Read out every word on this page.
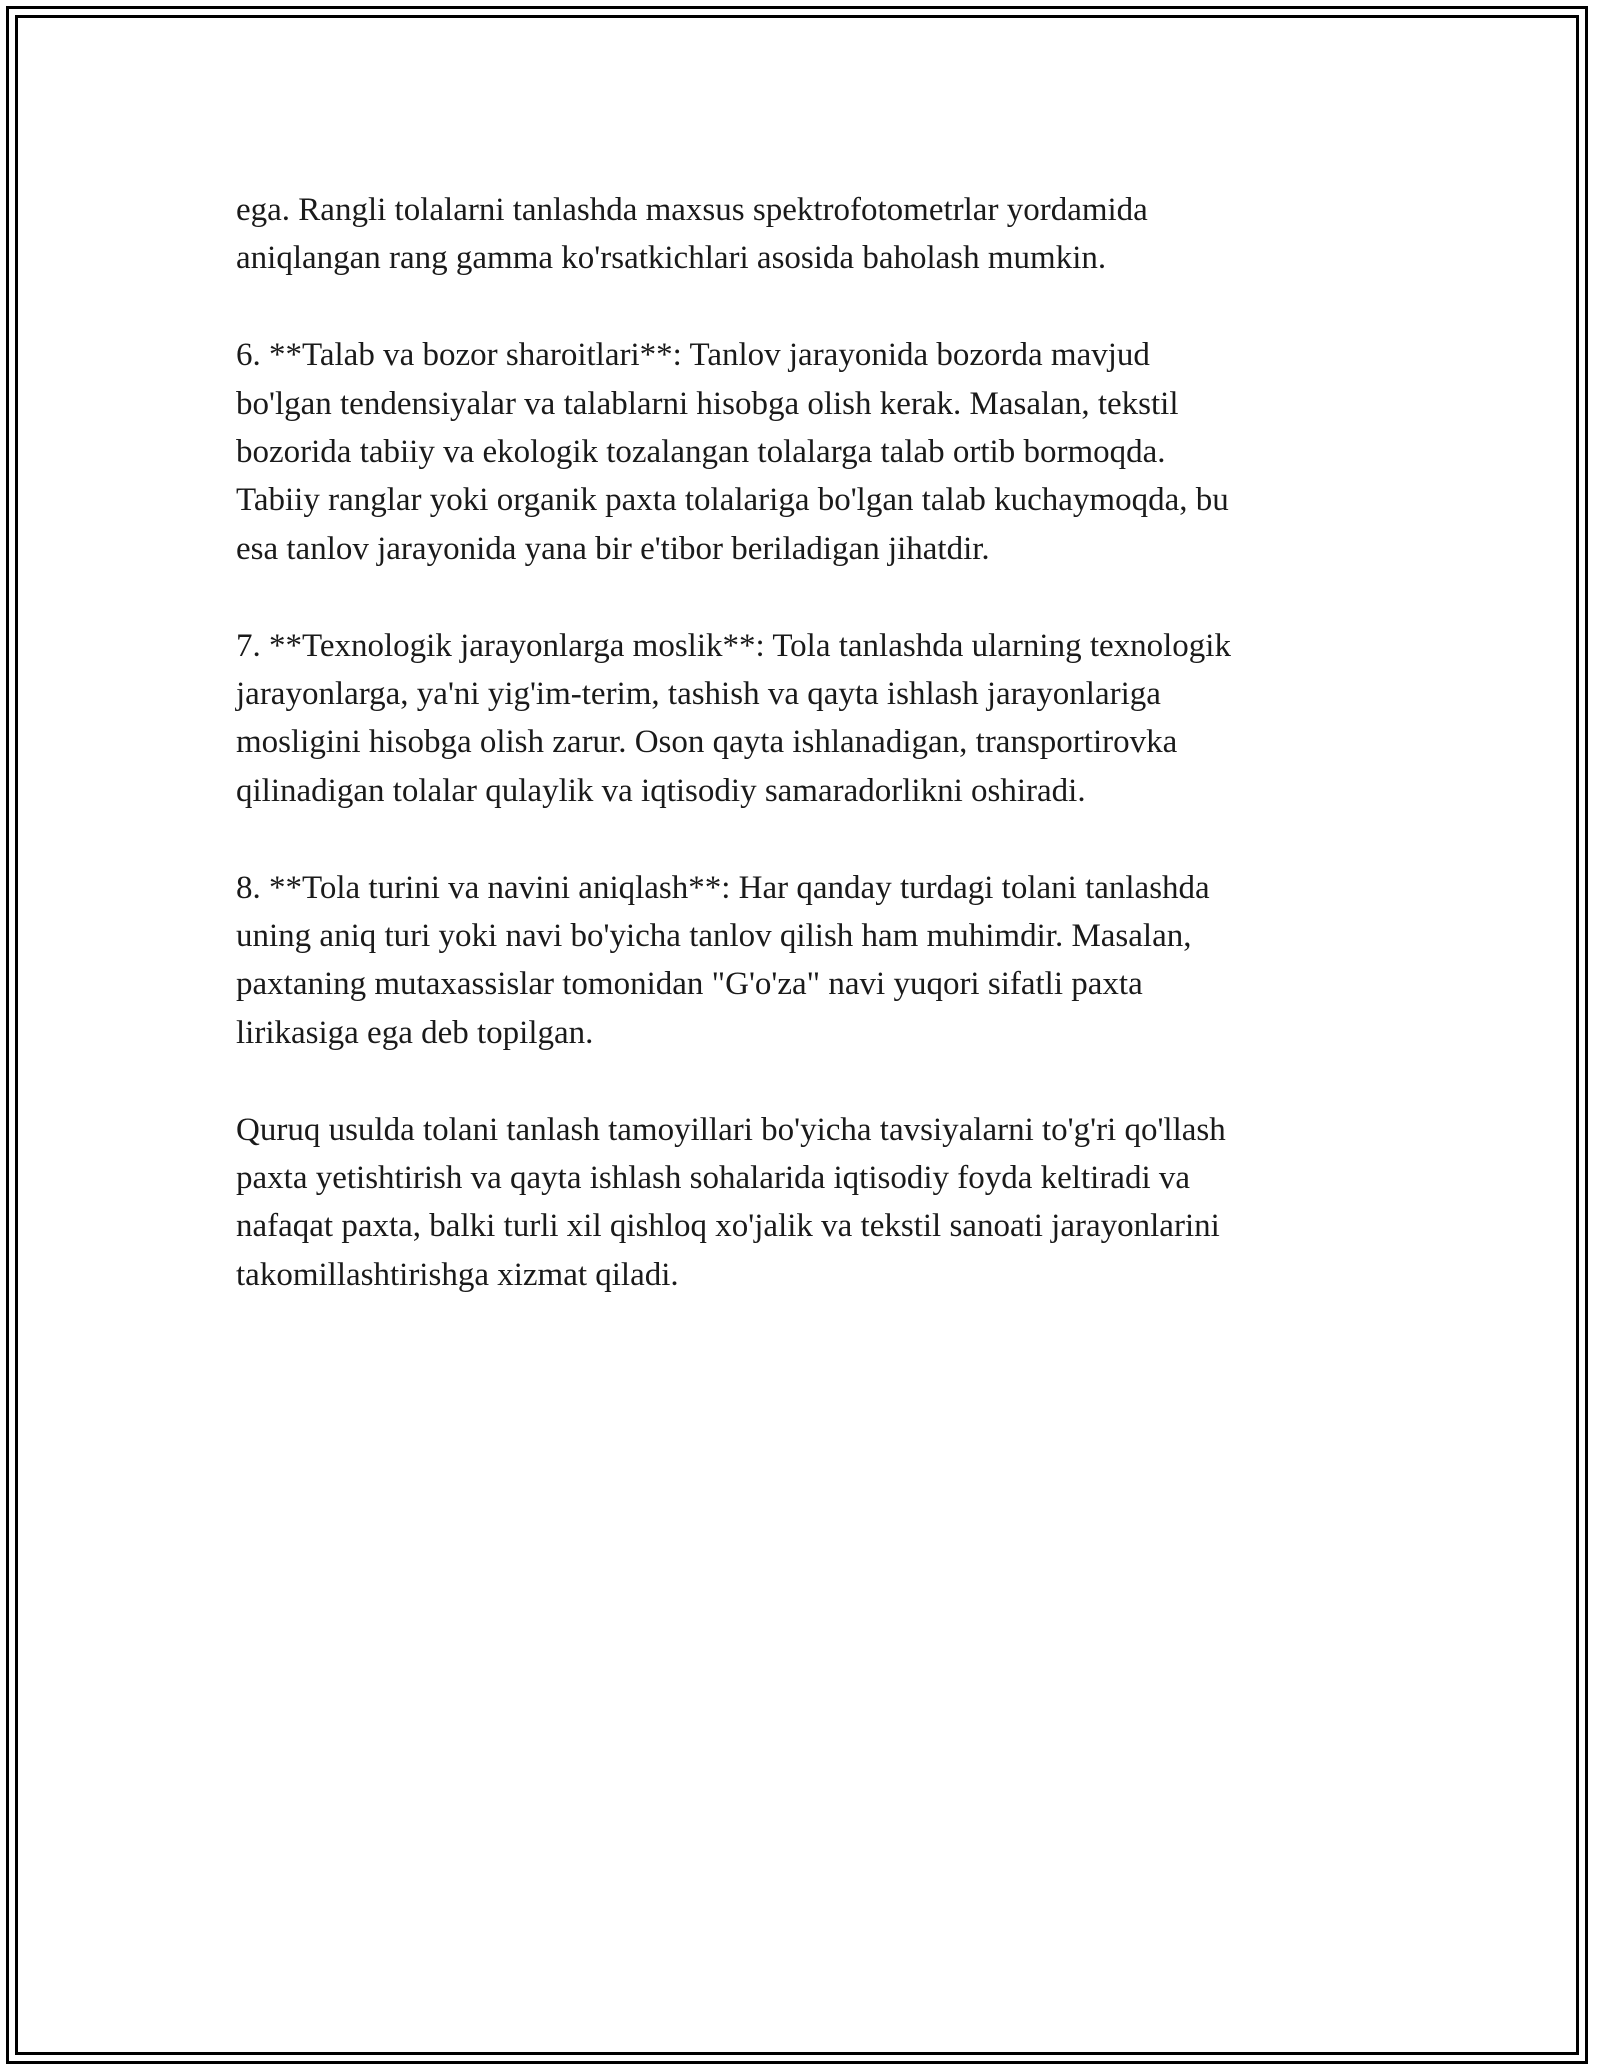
ega. Rangli tolalarni tanlashda maxsus spektrofotometrlar yordamida
aniqlangan rang gamma ko'rsatkichlari asosida baholash mumkin.

6. **Talab va bozor sharoitlari**: Tanlov jarayonida bozorda mavjud
bo'lgan tendensiyalar va talablarni hisobga olish kerak. Masalan, tekstil
bozorida tabiiy va ekologik tozalangan tolalarga talab ortib bormoqda.
Tabiiy ranglar yoki organik paxta tolalariga bo'lgan talab kuchaymoqda, bu
esa tanlov jarayonida yana bir e'tibor beriladigan jihatdir.

7. **Texnologik jarayonlarga moslik**: Tola tanlashda ularning texnologik
jarayonlarga, ya'ni yig'im-terim, tashish va qayta ishlash jarayonlariga
mosligini hisobga olish zarur. Oson qayta ishlanadigan, transportirovka
qilinadigan tolalar qulaylik va iqtisodiy samaradorlikni oshiradi.

8. **Tola turini va navini aniqlash**: Har qanday turdagi tolani tanlashda
uning aniq turi yoki navi bo'yicha tanlov qilish ham muhimdir. Masalan,
paxtaning mutaxassislar tomonidan "G'o'za" navi yuqori sifatli paxta
lirikasiga ega deb topilgan.

Quruq usulda tolani tanlash tamoyillari bo'yicha tavsiyalarni to'g'ri qo'llash
paxta yetishtirish va qayta ishlash sohalarida iqtisodiy foyda keltiradi va
nafaqat paxta, balki turli xil qishloq xo'jalik va tekstil sanoati jarayonlarini
takomillashtirishga xizmat qiladi.
